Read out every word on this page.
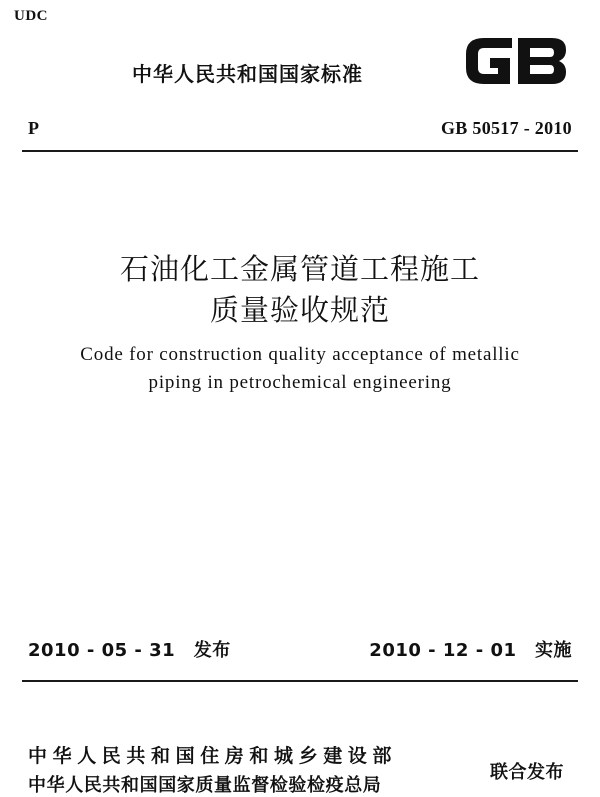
UDC
中华人民共和国国家标准
P	GB 50517 - 2010
石油化工金属管道工程施工
质量验收规范
Code for construction quality acceptance of metallic
piping in petrochemical engineering
2010 - 05 - 31　发布	2010 - 12 - 01　实施
中华人民共和国住房和城乡建设部
中华人民共和国国家质量监督检验检疫总局
联合发布
